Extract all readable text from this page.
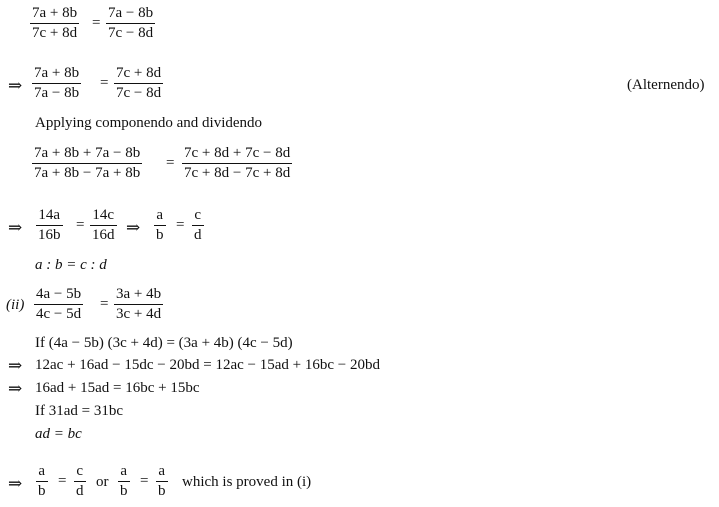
$\frac{7a + 8b}{7c + 8d} = \frac{7a - 8b}{7c - 8d}$
⇒ $\frac{7a + 8b}{7a - 8b} = \frac{7c + 8d}{7c - 8d}$	(Alternendo)
Applying componendo and dividendo
$\frac{7a + 8b + 7a - 8b}{7a + 8b - 7a + 8b} = \frac{7c + 8d + 7c - 8d}{7c + 8d - 7c + 8d}$
⇒ $\frac{14a}{16b} = \frac{14c}{16d}$ ⇒ $\frac{a}{b} = \frac{c}{d}$
a : b = c : d
$(ii) \frac{4a - 5b}{4c - 5d} = \frac{3a + 4b}{3c + 4d}$
If (4a − 5b) (3c + 4d) = (3a + 4b) (4c − 5d)
⇒ 12ac + 16ad − 15dc − 20bd = 12ac − 15ad + 16bc − 20bd
⇒ 16ad + 15ad = 16bc + 15bc
If 31ad = 31bc
ad = bc
⇒ $\frac{a}{b} = \frac{c}{d}$ or $\frac{a}{b} = \frac{a}{b}$ which is proved in (i)
